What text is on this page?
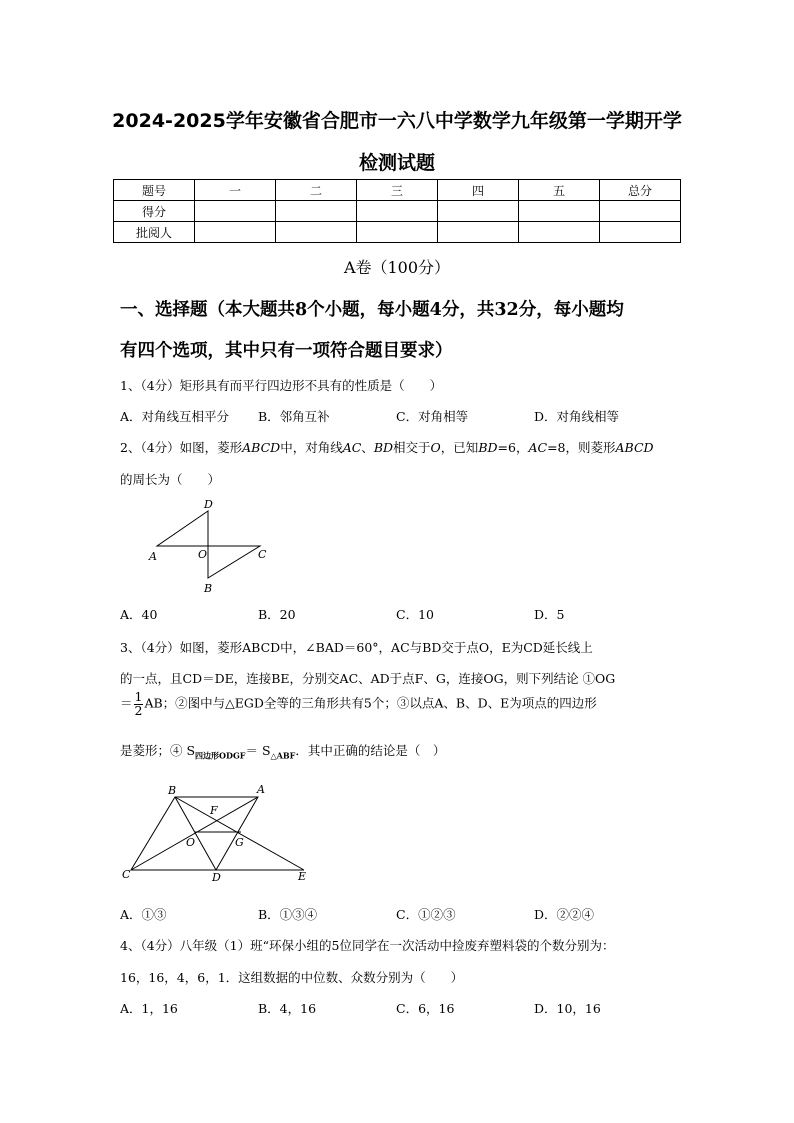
2024-2025学年安徽省合肥市一六八中学数学九年级第一学期开学
检测试题
题号	一	二	三	四	五	总分
得分						
批阅人						
A卷（100分）
一、选择题（本大题共8个小题，每小题4分，共32分，每小题均
有四个选项，其中只有一项符合题目要求）
1、（4分）矩形具有而平行四边形不具有的性质是（　　）
A．对角线互相平分 B．邻角互补	C．对角相等	D．对角线相等
2、（4分）如图，菱形ABCD中，对角线AC、BD相交于O，已知BD=6，AC=8，则菱形ABCD
的周长为（　　）
D
A	O	C
B
A．40	B．20	C．10	D．5
3、（4分）如图，菱形ABCD中，∠BAD＝60°，AC与BD交于点O，E为CD延长线上
的一点，且CD＝DE，连接BE，分别交AC、AD于点F、G，连接OG，则下列结论 ①OG
＝ $\frac{1}{2}$ AB；②图中与△EGD全等的三角形共有5个；③以点A、B、D、E为项点的四边形
是菱形；④ $S_{四边形ODGF}= S_{\triangle ABF}$．其中正确的结论是（　）
B	A
F
O	G
C	D	E
A．①③	B．①③④	C．①②③	D．②②④
4、（4分）八年级（1）班“环保小组的5位同学在一次活动中捡废弃塑料袋的个数分别为：
16，16，4，6，1．这组数据的中位数、众数分别为（　　）
A．1，16	B．4，16	C．6，16	D．10，16
